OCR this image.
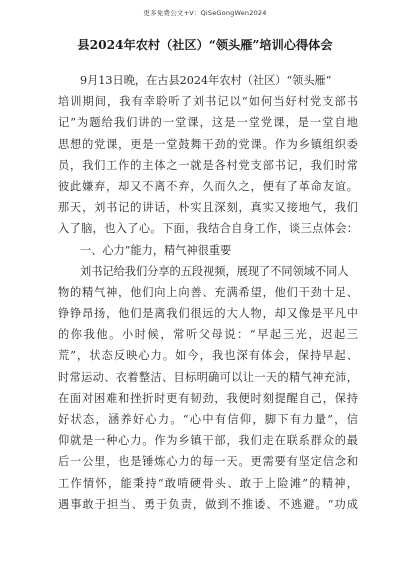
更多免费公文+V：QiSeGongWen2024
县2024年农村（社区）“领头雁”培训心得体会
9月13日晚，在古县2024年农村（社区）“领头雁”
培训期间，我有幸聆听了刘书记以“如何当好村党支部书
记”为题给我们讲的一堂课，这是一堂党课，是一堂自地
思想的党课，更是一堂鼓舞干劲的党课。作为乡镇组织委
员，我们工作的主体之一就是各村党支部书记，我们时常
彼此嫌弃，却又不离不弃，久而久之，便有了革命友谊。
那天，刘书记的讲话，朴实且深刻，真实又接地气，我们
入了脑，也入了心。下面，我结合自身工作，谈三点体会：
一、心力”能力，精气神很重要
刘书记给我们分享的五段视频，展现了不同领域不同人
物的精气神，他们向上向善、充满希望，他们干劲十足、
铮铮昂扬，他们是离我们很远的大人物，却又像是平凡中
的你我他。小时候，常听父母说：“早起三光，迟起三
荒”，状态反映心力。如今，我也深有体会，保持早起、
时常运动、衣着整洁、目标明确可以让一天的精气神充沛，
在面对困难和挫折时更有韧劲，我便时刻提醒自己，保持
好状态，涵养好心力。“心中有信仰，脚下有力量”，信
仰就是一种心力。作为乡镇干部，我们走在联系群众的最
后一公里，也是锤炼心力的每一天。更需要有坚定信念和
工作情怀，能秉持“敢啃硬骨头、敢于上险滩”的精神，
遇事敢于担当、勇于负责，做到不推诿、不逃避。“功成
